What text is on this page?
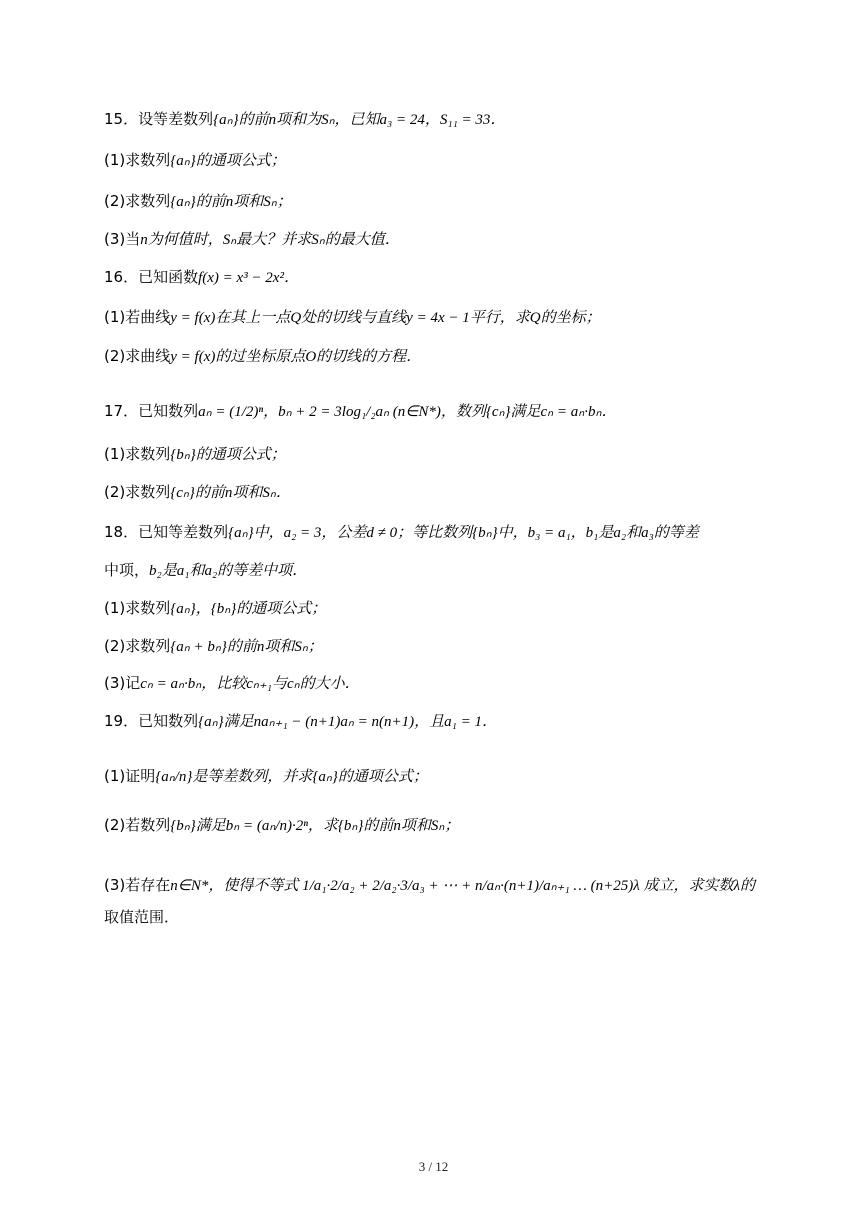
15．设等差数列{aₙ}的前n项和为Sₙ，已知a₃ = 24，S₁₁ = 33．
(1)求数列{aₙ}的通项公式；
(2)求数列{aₙ}的前n项和Sₙ；
(3)当n为何值时，Sₙ最大？并求Sₙ的最大值．
16．已知函数f(x) = x³ − 2x²．
(1)若曲线y = f(x)在其上一点Q处的切线与直线y = 4x − 1平行，求Q的坐标；
(2)求曲线y = f(x)的过坐标原点O的切线的方程．
17．已知数列aₙ = (1/2)ⁿ，bₙ + 2 = 3log₁/₂aₙ (n∈N*)，数列{cₙ}满足cₙ = aₙ·bₙ．
(1)求数列{bₙ}的通项公式；
(2)求数列{cₙ}的前n项和Sₙ．
18．已知等差数列{aₙ}中，a₂ = 3，公差d ≠ 0；等比数列{bₙ}中，b₃ = a₁，b₁是a₂和a₃的等差
中项，b₂是a₁和a₂的等差中项．
(1)求数列{aₙ}，{bₙ}的通项公式；
(2)求数列{aₙ + bₙ}的前n项和Sₙ；
(3)记cₙ = aₙ·bₙ，比较cₙ₊₁与cₙ的大小．
19．已知数列{aₙ}满足naₙ₊₁ − (n+1)aₙ = n(n+1)，且a₁ = 1．
(1)证明{aₙ/n}是等差数列，并求{aₙ}的通项公式；
(2)若数列{bₙ}满足bₙ = (aₙ/n)·2ⁿ，求{bₙ}的前n项和Sₙ；
(3)若存在n∈N*，使得不等式 1/a₁·2/a₂ + 2/a₂·3/a₃ + ⋯ + n/aₙ·(n+1)/aₙ₊₁ … (n+25)λ 成立，求实数λ的
取值范围．
3 / 12
